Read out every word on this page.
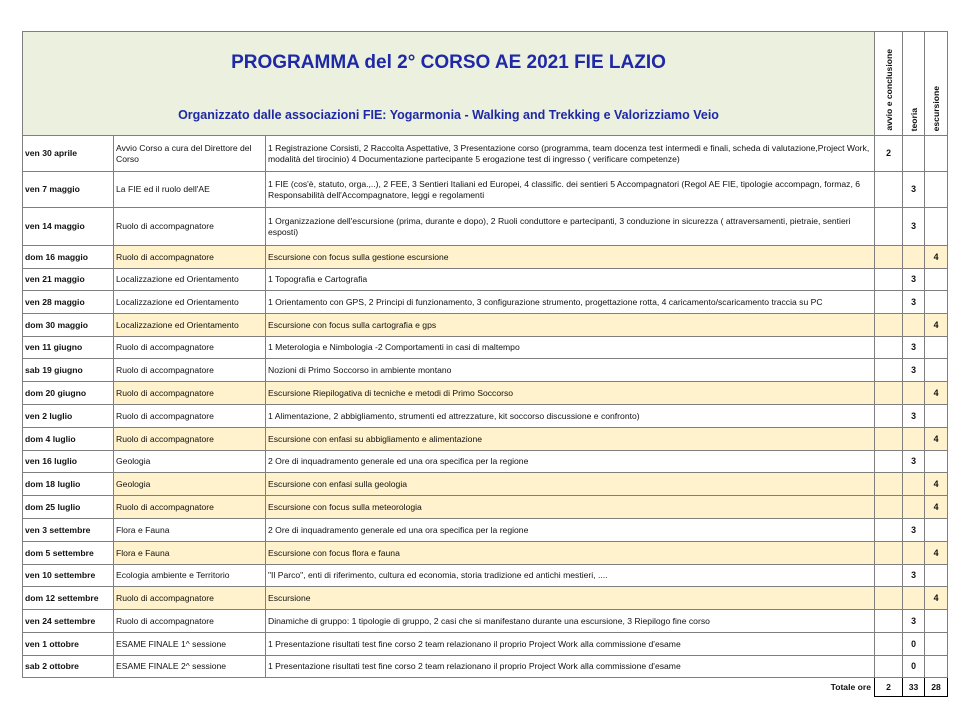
PROGRAMMA del 2° CORSO AE 2021 FIE LAZIO
Organizzato dalle associazioni FIE: Yogarmonia - Walking and Trekking e Valorizziamo Veio			avvio e conclusione	teoria	escursione

ven 30 aprile	Avvio Corso a cura del Direttore del Corso	1 Registrazione Corsisti, 2 Raccolta Aspettative, 3 Presentazione corso (programma, team docenza test intermedi e finali, scheda di valutazione,Project Work, modalità del tirocinio) 4 Documentazione partecipante 5 erogazione test di ingresso ( verificare competenze)	2		
ven 7 maggio	La FIE ed il ruolo dell'AE	1 FIE (cos'è, statuto, orga.,..), 2 FEE, 3 Sentieri Italiani ed Europei, 4 classific. dei sentieri 5 Accompagnatori (Regol AE FIE, tipologie accompagn, formaz, 6 Responsabilità dell'Accompagnatore, leggi e regolamenti		3	
ven 14 maggio	Ruolo di accompagnatore	1 Organizzazione dell'escursione (prima, durante e dopo), 2 Ruoli conduttore e partecipanti, 3 conduzione in sicurezza ( attraversamenti, pietraie, sentieri esposti)		3	
dom 16 maggio	Ruolo di accompagnatore	Escursione con focus sulla gestione escursione			4
ven 21 maggio	Localizzazione ed Orientamento	1 Topografia e Cartografia		3	
ven 28 maggio	Localizzazione ed Orientamento	1 Orientamento con GPS, 2 Principi di funzionamento, 3 configurazione strumento, progettazione rotta, 4 caricamento/scaricamento traccia su PC		3	
dom 30 maggio	Localizzazione ed Orientamento	Escursione con focus sulla cartografia e gps			4
ven 11 giugno	Ruolo di accompagnatore	1 Meterologia e Nimbologia -2 Comportamenti in casi di maltempo		3	
sab 19 giugno	Ruolo di accompagnatore	Nozioni di Primo Soccorso in ambiente montano		3	
dom 20 giugno	Ruolo di accompagnatore	Escursione Riepilogativa di tecniche e metodi di Primo Soccorso			4
ven 2 luglio	Ruolo di accompagnatore	1 Alimentazione, 2 abbigliamento, strumenti ed attrezzature, kit soccorso discussione e confronto)		3	
dom 4 luglio	Ruolo di accompagnatore	Escursione con enfasi su abbigliamento e alimentazione			4
ven 16 luglio	Geologia	2 Ore di inquadramento generale ed una ora specifica per la regione		3	
dom 18 luglio	Geologia	Escursione con enfasi sulla geologia			4
dom 25 luglio	Ruolo di accompagnatore	Escursione con focus sulla meteorologia			4
ven 3 settembre	Flora e Fauna	2 Ore di inquadramento generale ed una ora specifica per la regione		3	
dom 5 settembre	Flora e Fauna	Escursione con focus flora e fauna			4
ven 10 settembre	Ecologia ambiente e Territorio	"Il Parco", enti di riferimento, cultura ed economia, storia tradizione ed antichi mestieri, ....		3	
dom 12 settembre	Ruolo di accompagnatore	Escursione			4
ven 24 settembre	Ruolo di accompagnatore	Dinamiche di gruppo: 1 tipologie di gruppo, 2 casi che si manifestano durante una escursione, 3 Riepilogo fine corso		3	
ven 1 ottobre	ESAME FINALE 1^ sessione	1 Presentazione risultati test fine corso 2 team relazionano il proprio Project Work alla commissione d'esame		0	
sab 2 ottobre	ESAME FINALE 2^ sessione	1 Presentazione risultati test fine corso 2 team relazionano il proprio Project Work alla commissione d'esame		0	
Totale ore			2	33	28
